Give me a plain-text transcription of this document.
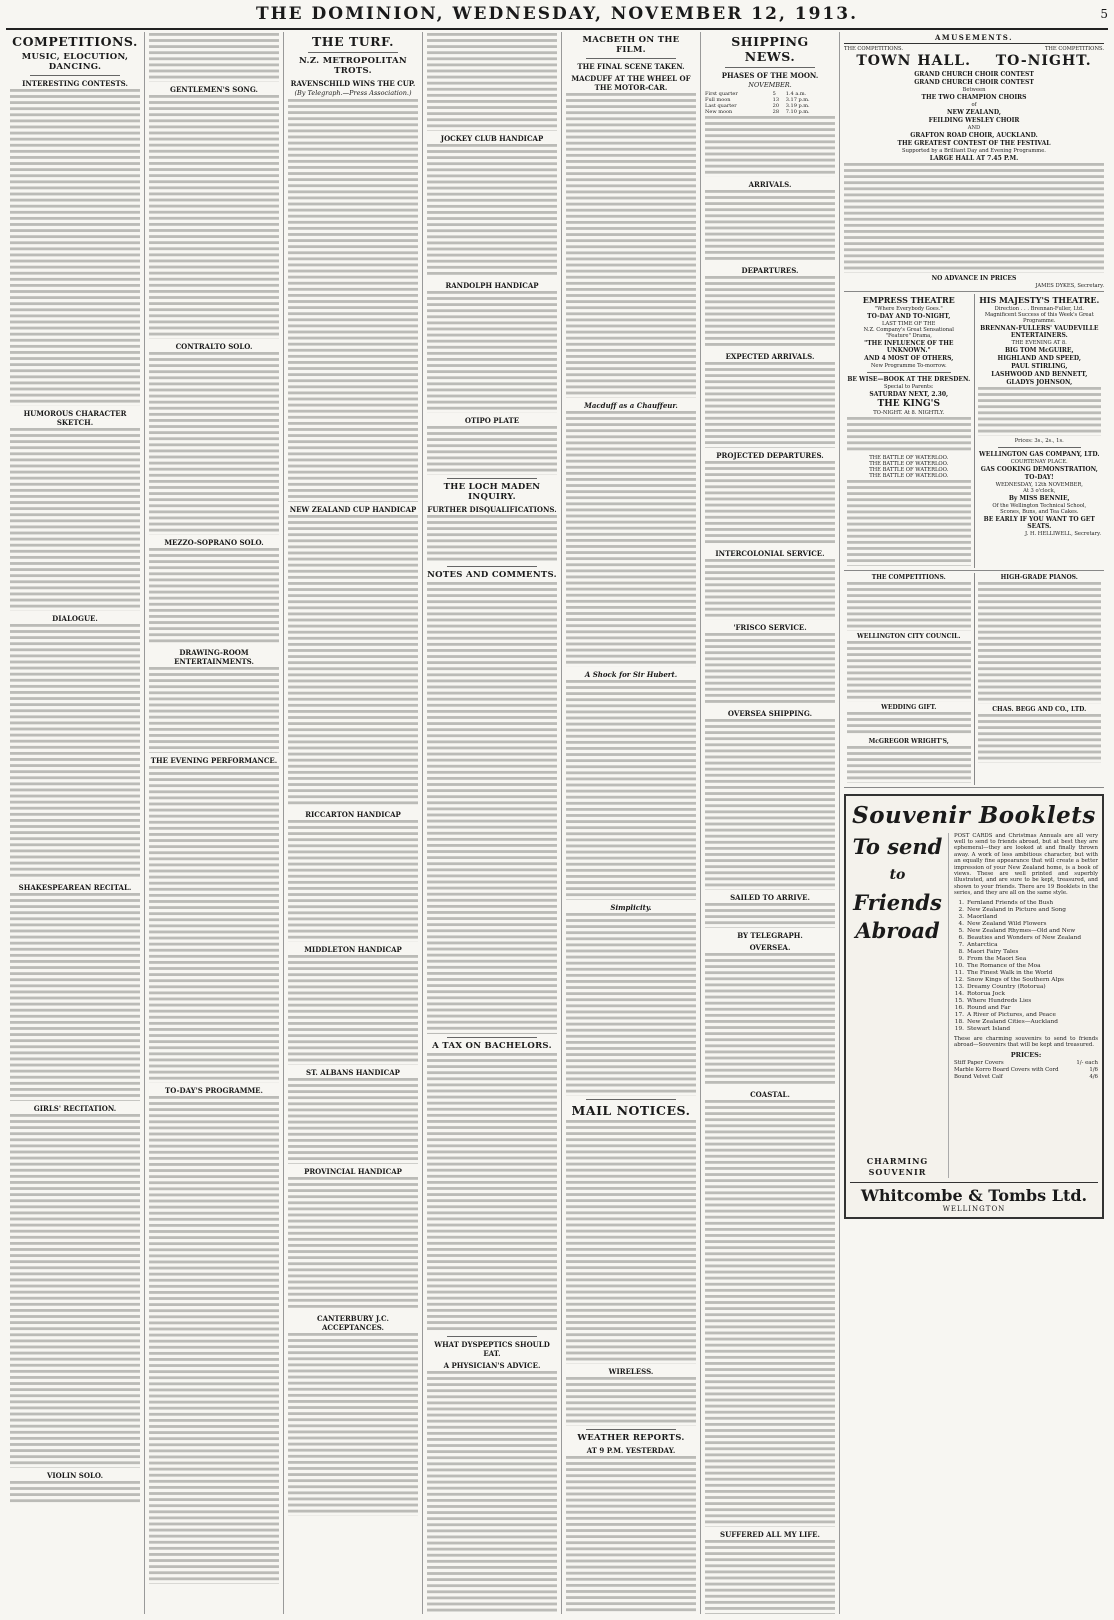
THE DOMINION, WEDNESDAY, NOVEMBER 12, 1913.	5
COMPETITIONS.
MUSIC, ELOCUTION, DANCING.
INTERESTING CONTESTS.
HUMOROUS CHARACTER SKETCH.
DIALOGUE.
SHAKESPEAREAN RECITAL.
GIRLS' RECITATION.
VIOLIN SOLO.
GENTLEMEN'S SONG.
CONTRALTO SOLO.
MEZZO-SOPRANO SOLO.
DRAWING-ROOM ENTERTAINMENTS.
THE EVENING PERFORMANCE.
TO-DAY'S PROGRAMME.
THE TURF.
N.Z. METROPOLITAN TROTS.
RAVENSCHILD WINS THE CUP.
(By Telegraph.—Press Association.)
NEW ZEALAND CUP HANDICAP
RICCARTON HANDICAP
MIDDLETON HANDICAP
ST. ALBANS HANDICAP
PROVINCIAL HANDICAP
CANTERBURY J.C. ACCEPTANCES.
JOCKEY CLUB HANDICAP
RANDOLPH HANDICAP
OTIPO PLATE
THE LOCH MADEN INQUIRY.
FURTHER DISQUALIFICATIONS.
NOTES AND COMMENTS.
A TAX ON BACHELORS.
WHAT DYSPEPTICS SHOULD EAT.
A PHYSICIAN'S ADVICE.
MACBETH ON THE FILM.
THE FINAL SCENE TAKEN.
MACDUFF AT THE WHEEL OF THE MOTOR-CAR.
Macduff as a Chauffeur.
A Shock for Sir Hubert.
Simplicity.
MAIL NOTICES.
WIRELESS.
WEATHER REPORTS.
AT 9 P.M. YESTERDAY.
SHIPPING NEWS.
PHASES OF THE MOON.
NOVEMBER.
First quarter	5	1.4 a.m.
Full moon	13	3.17 p.m.
Last quarter	20	3.19 p.m.
New moon	28	7.10 p.m.
ARRIVALS.
DEPARTURES.
EXPECTED ARRIVALS.
PROJECTED DEPARTURES.
INTERCOLONIAL SERVICE.
'FRISCO SERVICE.
OVERSEA SHIPPING.
SAILED TO ARRIVE.
BY TELEGRAPH.
OVERSEA.
COASTAL.
SUFFERED ALL MY LIFE.
AMUSEMENTS.
THE COMPETITIONS.	THE COMPETITIONS.
TOWN HALL. TO-NIGHT.
GRAND CHURCH CHOIR CONTEST
GRAND CHURCH CHOIR CONTEST
Between
THE TWO CHAMPION CHOIRS
of
NEW ZEALAND,
FEILDING WESLEY CHOIR
AND
GRAFTON ROAD CHOIR, AUCKLAND.
THE GREATEST CONTEST OF THE FESTIVAL
Supported by a Brilliant Day and Evening Programme.
LARGE HALL AT 7.45 P.M.
NO ADVANCE IN PRICES
JAMES DYKES, Secretary.
EMPRESS THEATRE
"Where Everybody Goes."
TO-DAY AND TO-NIGHT,
LAST TIME OF THE
N.Z. Company's Great Sensational
"Feature" Drama,
"THE INFLUENCE OF THE UNKNOWN."
AND 4 MOST OF OTHERS,
New Programme To-morrow.
BE WISE—BOOK AT THE DRESDEN.
Special to Parents:
SATURDAY NEXT, 2.30,
THE KING'S
TO-NIGHT. At 8. NIGHTLY.
THE BATTLE OF WATERLOO.
THE BATTLE OF WATERLOO.
THE BATTLE OF WATERLOO.
THE BATTLE OF WATERLOO.
HIS MAJESTY'S THEATRE.
Direction . . . Brennan-Fuller, Ltd.
Magnificent Success of this Week's Great Programme.
BRENNAN-FULLERS' VAUDEVILLE ENTERTAINERS.
THE EVENING AT 8.
BIG TOM McGUIRE,
HIGHLAND AND SPEED,
PAUL STIRLING,
LASHWOOD AND BENNETT,
GLADYS JOHNSON,
Prices: 3s., 2s., 1s.
WELLINGTON GAS COMPANY, LTD.
COURTENAY PLACE.
GAS COOKING DEMONSTRATION,
TO-DAY!
WEDNESDAY, 12th NOVEMBER,
At 3 o'clock,
By MISS BENNIE,
Of the Wellington Technical School,
Scones, Buns, and Tea Cakes.
BE EARLY IF YOU WANT TO GET SEATS.
J. H. HELLIWELL, Secretary.
THE COMPETITIONS.
WELLINGTON CITY COUNCIL.
WEDDING GIFT.
McGREGOR WRIGHT'S,
HIGH-GRADE PIANOS.
CHAS. BEGG AND CO., LTD.
Souvenir Booklets
To send
to
Friends
Abroad
CHARMING
SOUVENIR

POST CARDS and Christmas Annuals are all very well to send to friends abroad, but at best they are ephemeral—they are looked at and finally thrown away. A work of less ambitious character, but with an equally fine appearance that will create a better impression of your New Zealand home, is a book of views. These are well printed and superbly illustrated, and are sure to be kept, treasured, and shown to your friends. There are 19 Booklets in the series, and they are all on the same style.

1. Fernland Friends of the Bush
2. New Zealand in Picture and Song
3. Maoriland
4. New Zealand Wild Flowers
5. New Zealand Rhymes—Old and New
6. Beauties and Wonders of New Zealand
7. Antarctica
8. Maori Fairy Tales
9. From the Maori Sea
10. The Romance of the Moa
11. The Finest Walk in the World
12. Snow Kings of the Southern Alps
13. Dreamy Country (Rotorua)
14. Rotorua Jock
15. Where Hundreds Lies
16. Round and Far
17. A River of Pictures, and Peace
18. New Zealand Cities—Auckland
19. Stewart Island

These are charming souvenirs to send to friends abroad—Souvenirs that will be kept and treasured.

PRICES:
Stiff Paper Covers	1/- each
Marble Korro Board Covers with Cord	1/6
Bound Velvet Calf	4/6
Whitcombe & Tombs Ltd.
WELLINGTON
